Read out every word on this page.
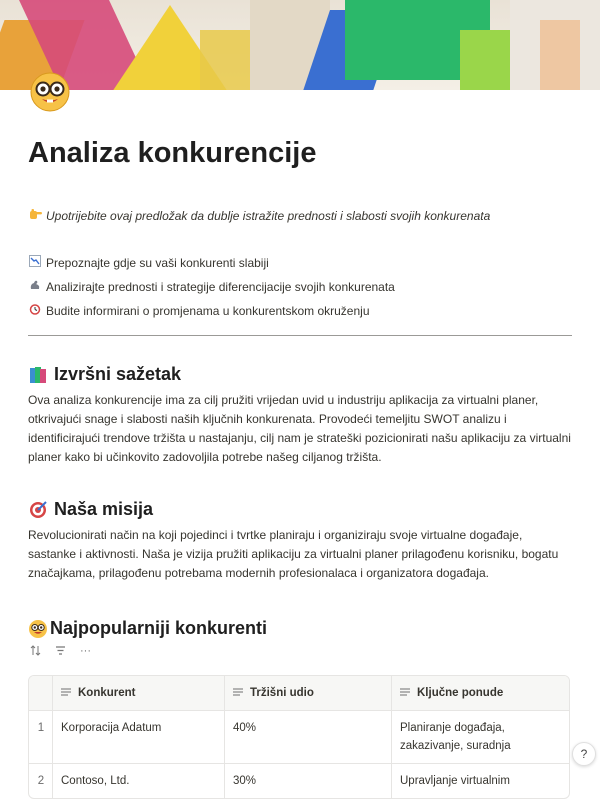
Analiza konkurencije
Upotrijebite ovaj predložak da dublje istražite prednosti i slabosti svojih konkurenata
Prepoznajte gdje su vaši konkurenti slabiji
Analizirajte prednosti i strategije diferencijacije svojih konkurenata
Budite informirani o promjenama u konkurentskom okruženju
Izvršni sažetak
Ova analiza konkurencije ima za cilj pružiti vrijedan uvid u industriju aplikacija za virtualni planer, otkrivajući snage i slabosti naših ključnih konkurenata. Provodeći temeljitu SWOT analizu i identificirajući trendove tržišta u nastajanju, cilj nam je strateški pozicionirati našu aplikaciju za virtualni planer kako bi učinkovito zadovoljila potrebe našeg ciljanog tržišta.
Naša misija
Revolucionirati način na koji pojedinci i tvrtke planiraju i organiziraju svoje virtualne događaje, sastanke i aktivnosti. Naša je vizija pružiti aplikaciju za virtualni planer prilagođenu korisniku, bogatu značajkama, prilagođenu potrebama modernih profesionalaca i organizatora događaja.
Najpopularniji konkurenti
···
Konkurent	Tržišni udio	Ključne ponude
1	Korporacija Adatum	40%	Planiranje događaja, zakazivanje, suradnja
2	Contoso, Ltd.	30%	Upravljanje virtualnim
?
